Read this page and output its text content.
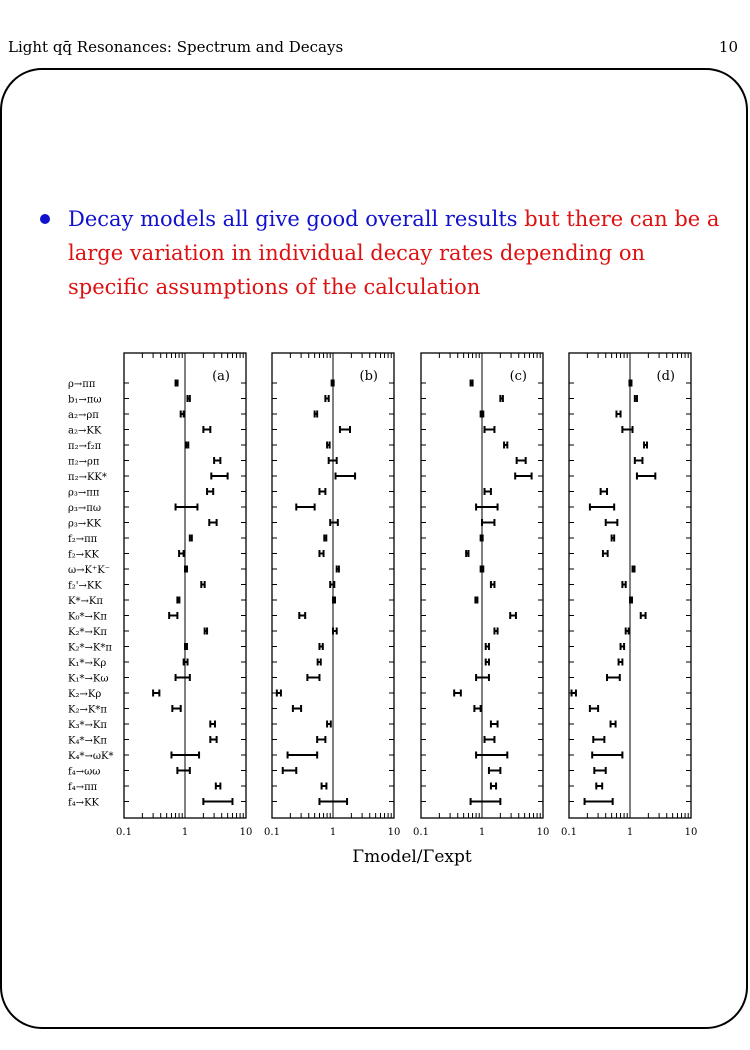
Light qq̄ Resonances: Spectrum and Decays	10
Decay models all give good overall results but there can be a large variation in individual decay rates depending on specific assumptions of the calculation
ρ→ππ
b₁→πω
a₂→ρπ
a₂→KK
π₂→f₂π
π₂→ρπ
π₂→KK*
ρ₃→ππ
ρ₃→πω
ρ₃→KK
f₂→ππ
f₂→KK
ω→K⁺K⁻
f₂'→KK
K*→Kπ
K₀*→Kπ
K₂*→Kπ
K₂*→K*π
K₁*→Kρ
K₁*→Kω
K₂→Kρ
K₂→K*π
K₃*→Kπ
K₄*→Kπ
K₄*→ωK*
f₄→ωω
f₄→ππ
f₄→KK
0.1	1	10
(a)
0.1	1	10
(b)
0.1	1	10
(c)
0.1	1	10
(d)
Γmodel/Γexpt
